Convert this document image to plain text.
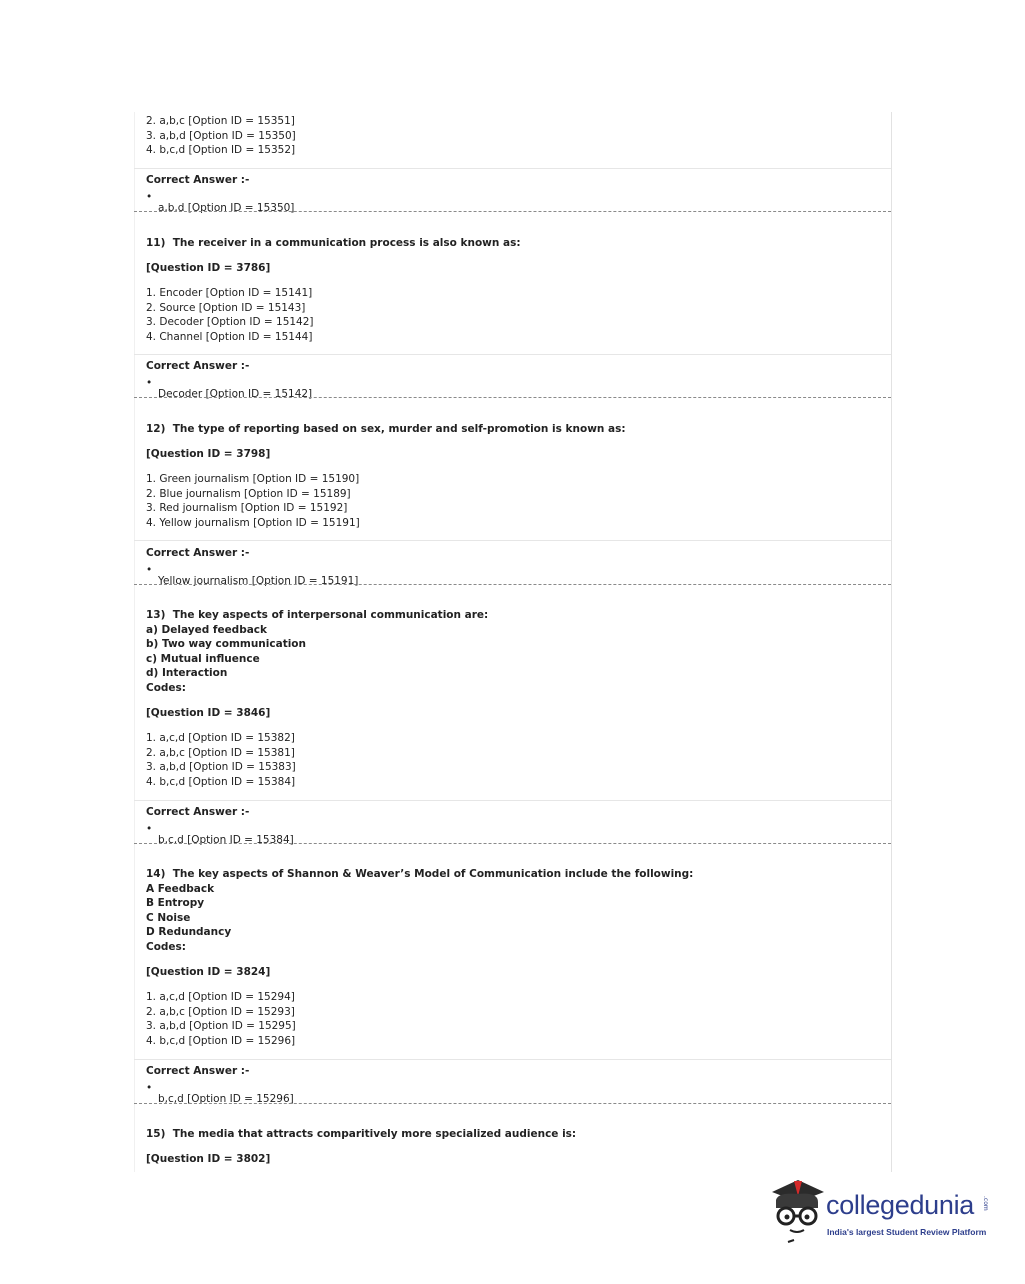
2. a,b,c [Option ID = 15351]

3. a,b,d [Option ID = 15350]

4. b,c,d [Option ID = 15352]

Correct Answer :-

•

a,b,d [Option ID = 15350]

11)  The receiver in a communication process is also known as:

[Question ID = 3786]

1. Encoder [Option ID = 15141]

2. Source [Option ID = 15143]

3. Decoder [Option ID = 15142]

4. Channel [Option ID = 15144]

Correct Answer :-

•

Decoder [Option ID = 15142]

12)  The type of reporting based on sex, murder and self-promotion is known as:

[Question ID = 3798]

1. Green journalism [Option ID = 15190]

2. Blue journalism [Option ID = 15189]

3. Red journalism [Option ID = 15192]

4. Yellow journalism [Option ID = 15191]

Correct Answer :-

•

Yellow journalism [Option ID = 15191]

13)  The key aspects of interpersonal communication are:

a) Delayed feedback

b) Two way communication

c) Mutual influence

d) Interaction

Codes:

[Question ID = 3846]

1. a,c,d [Option ID = 15382]

2. a,b,c [Option ID = 15381]

3. a,b,d [Option ID = 15383]

4. b,c,d [Option ID = 15384]

Correct Answer :-

•

b,c,d [Option ID = 15384]

14)  The key aspects of Shannon & Weaver’s Model of Communication include the following:

A Feedback

B Entropy

C Noise

D Redundancy

Codes:

[Question ID = 3824]

1. a,c,d [Option ID = 15294]

2. a,b,c [Option ID = 15293]

3. a,b,d [Option ID = 15295]

4. b,c,d [Option ID = 15296]

Correct Answer :-

•

b,c,d [Option ID = 15296]

15)  The media that attracts comparitively more specialized audience is:

[Question ID = 3802]

collegedunia .com
India's largest Student Review Platform
